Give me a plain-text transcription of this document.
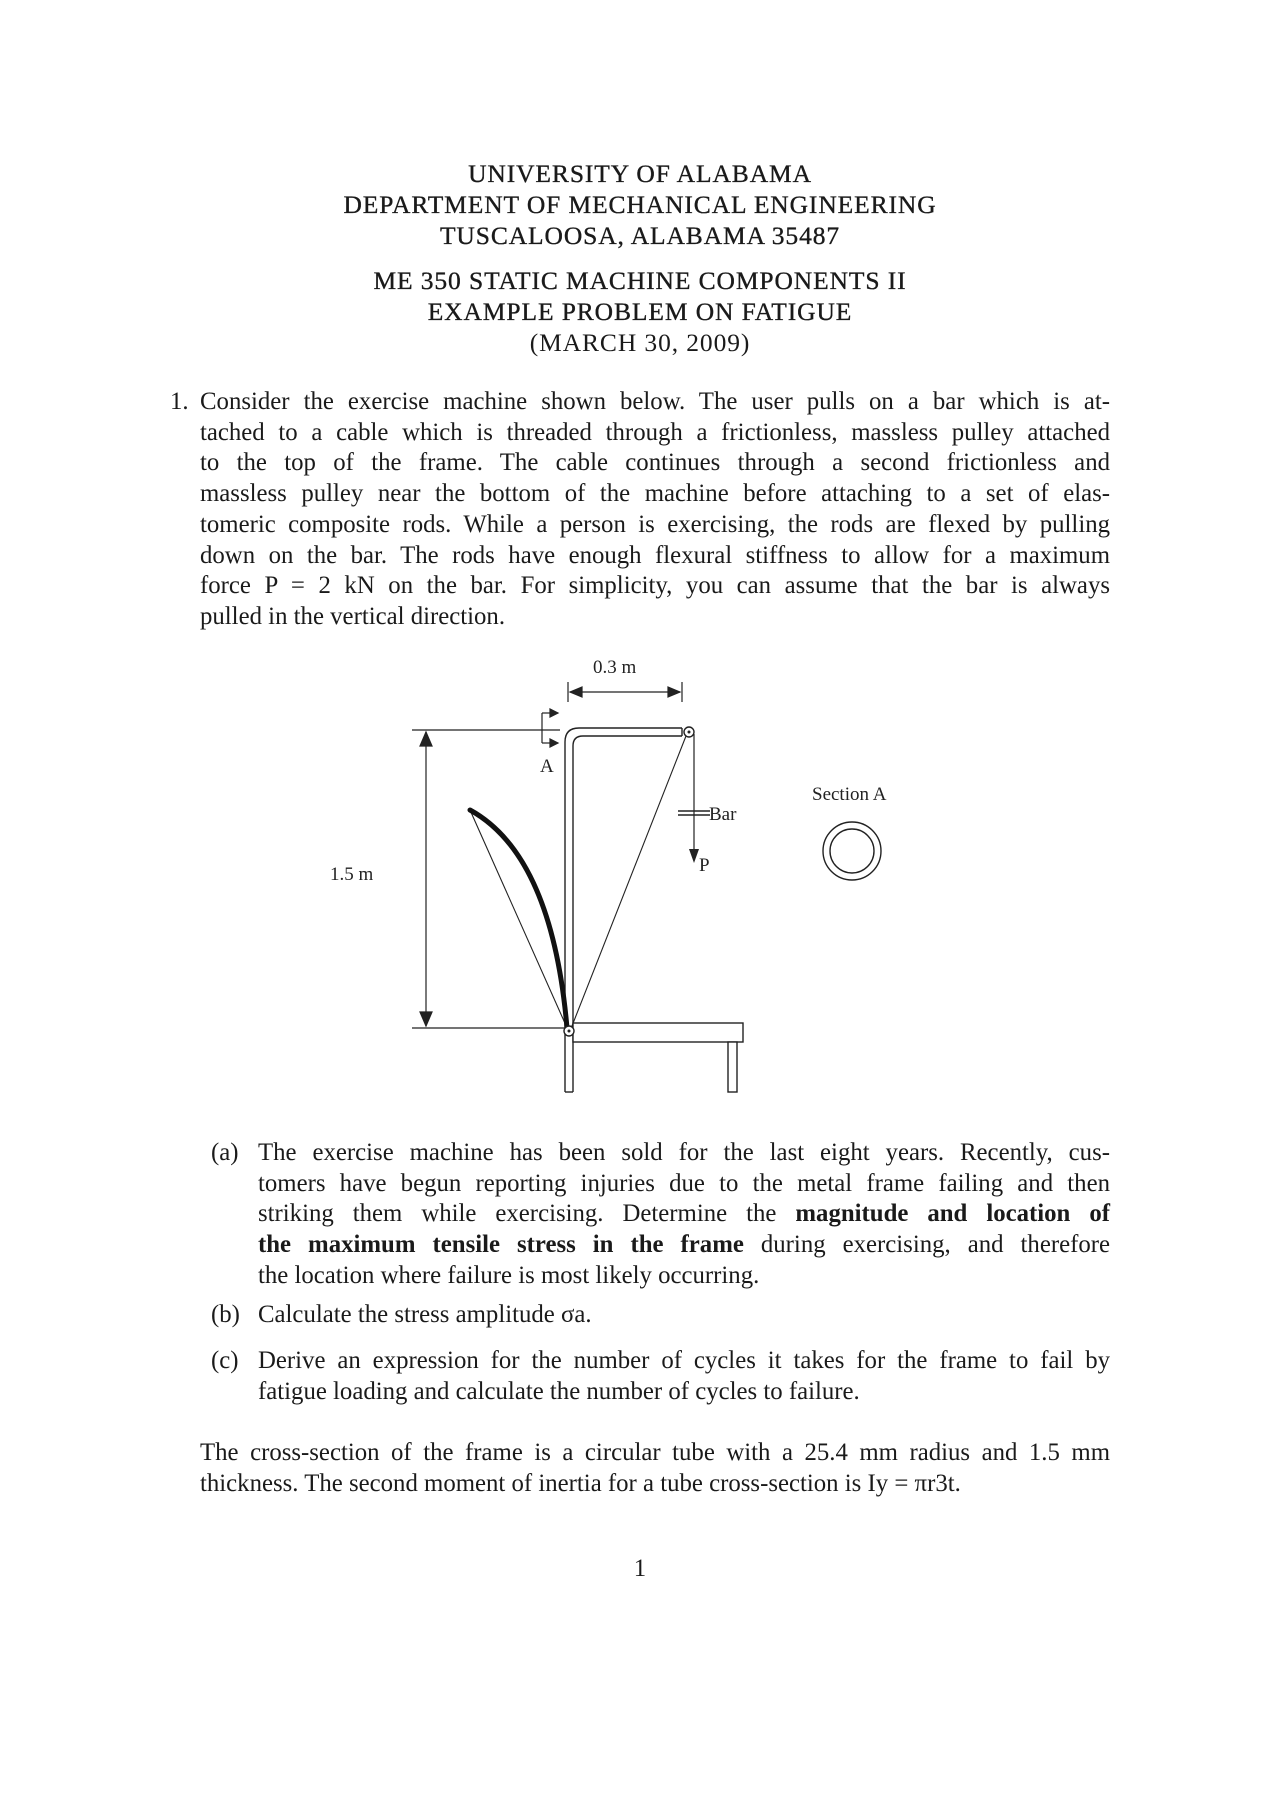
UNIVERSITY OF ALABAMA

DEPARTMENT OF MECHANICAL ENGINEERING

TUSCALOOSA, ALABAMA 35487

ME 350 STATIC MACHINE COMPONENTS II

EXAMPLE PROBLEM ON FATIGUE

(MARCH 30, 2009)

1. Consider the exercise machine shown below. The user pulls on a bar which is at-
tached to a cable which is threaded through a frictionless, massless pulley attached
to the top of the frame. The cable continues through a second frictionless and
massless pulley near the bottom of the machine before attaching to a set of elas-
tomeric composite rods. While a person is exercising, the rods are flexed by pulling
down on the bar. The rods have enough flexural stiffness to allow for a maximum
force P = 2 kN on the bar. For simplicity, you can assume that the bar is always
pulled in the vertical direction.
0.3 m
1.5 m
A
Bar
P
Section A
(a) The exercise machine has been sold for the last eight years. Recently, cus-
tomers have begun reporting injuries due to the metal frame failing and then
striking them while exercising. Determine the magnitude and location of
the maximum tensile stress in the frame during exercising, and therefore
the location where failure is most likely occurring.
(b) Calculate the stress amplitude σa.
(c) Derive an expression for the number of cycles it takes for the frame to fail by
fatigue loading and calculate the number of cycles to failure.
The cross-section of the frame is a circular tube with a 25.4 mm radius and 1.5 mm
thickness. The second moment of inertia for a tube cross-section is Iy = πr3t.
1
